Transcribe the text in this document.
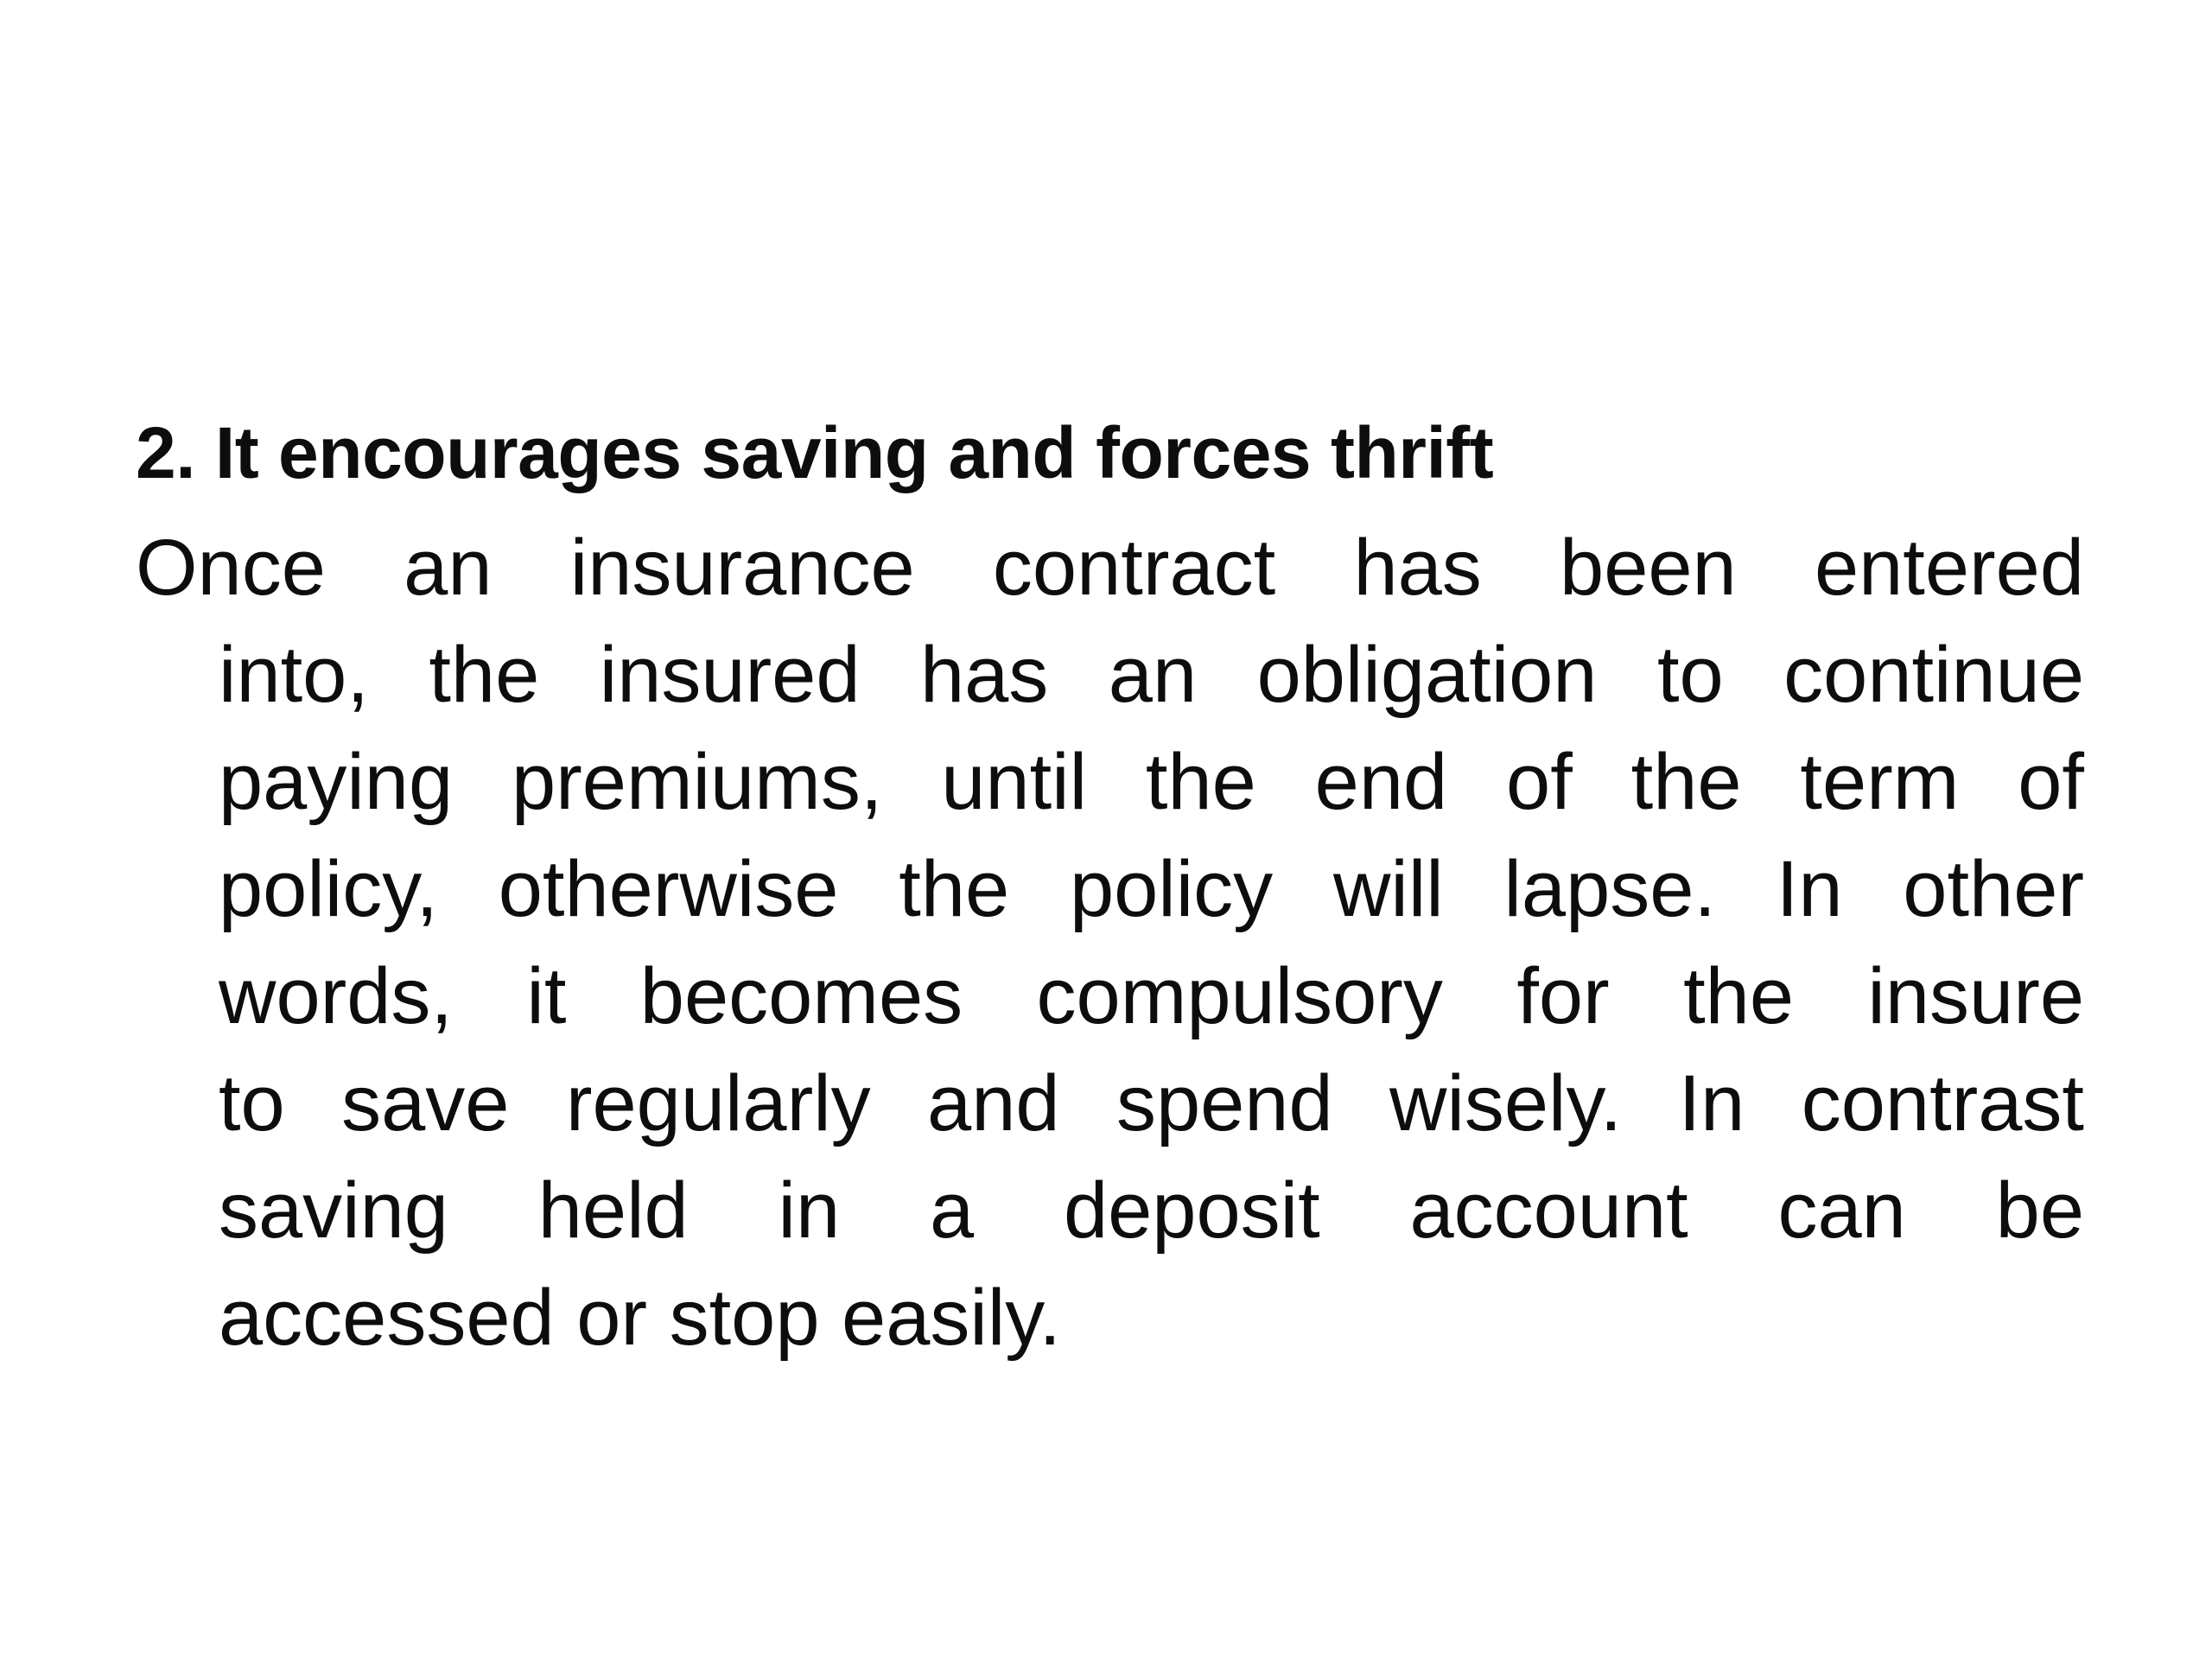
2. It encourages saving and forces thrift
Once an insurance contract has been entered
into, the insured has an obligation to continue
paying premiums, until the end of the term of
policy, otherwise the policy will lapse. In other
words, it becomes compulsory for the insure
to save regularly and spend wisely. In contrast
saving held in a deposit account can be
accessed or stop easily.
